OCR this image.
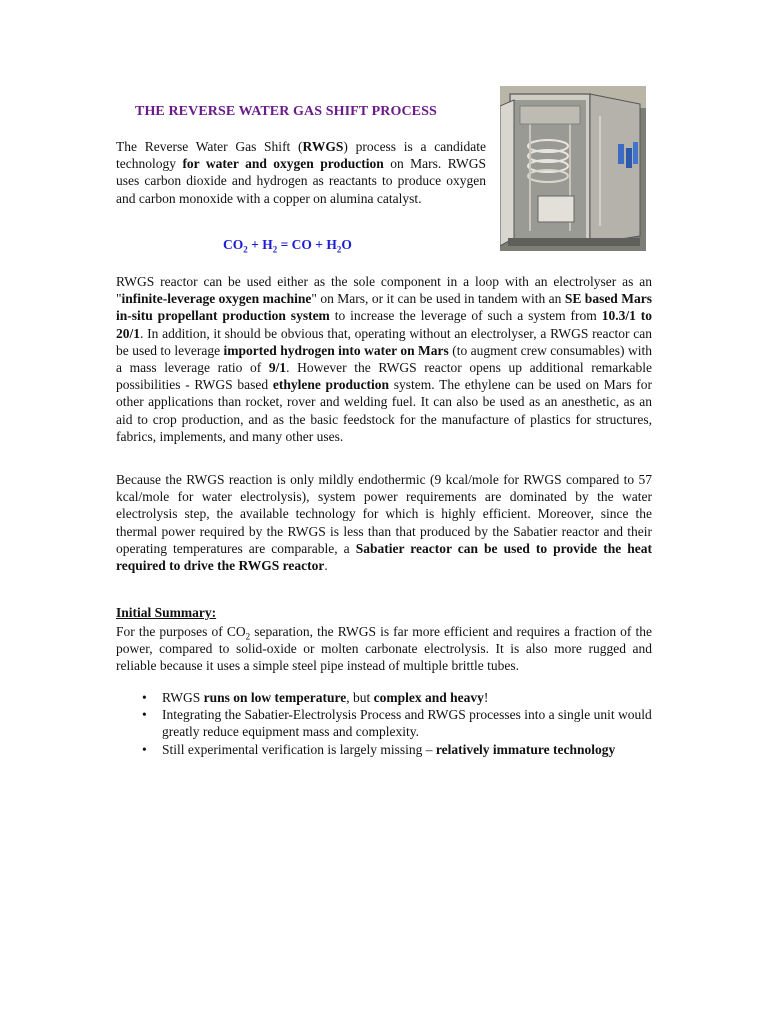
THE REVERSE WATER GAS SHIFT PROCESS

The Reverse Water Gas Shift (RWGS) process is a candidate technology for water and oxygen production on Mars. RWGS uses carbon dioxide and hydrogen as reactants to produce oxygen and carbon monoxide with a copper on alumina catalyst.

$CO_2 + H_2$ = CO + $H_2O$

RWGS reactor can be used either as the sole component in a loop with an electrolyser as an "infinite-leverage oxygen machine" on Mars, or it can be used in tandem with an SE based Mars in-situ propellant production system to increase the leverage of such a system from 10.3/1 to 20/1. In addition, it should be obvious that, operating without an electrolyser, a RWGS reactor can be used to leverage imported hydrogen into water on Mars (to augment crew consumables) with a mass leverage ratio of 9/1. However the RWGS reactor opens up additional remarkable possibilities - RWGS based ethylene production system. The ethylene can be used on Mars for other applications than rocket, rover and welding fuel. It can also be used as an anesthetic, as an aid to crop production, and as the basic feedstock for the manufacture of plastics for structures, fabrics, implements, and many other uses.

Because the RWGS reaction is only mildly endothermic (9 kcal/mole for RWGS compared to 57 kcal/mole for water electrolysis), system power requirements are dominated by the water electrolysis step, the available technology for which is highly efficient. Moreover, since the thermal power required by the RWGS is less than that produced by the Sabatier reactor and their operating temperatures are comparable, a Sabatier reactor can be used to provide the heat required to drive the RWGS reactor.

Initial Summary:

For the purposes of $CO_2$ separation, the RWGS is far more efficient and requires a fraction of the power, compared to solid-oxide or molten carbonate electrolysis. It is also more rugged and reliable because it uses a simple steel pipe instead of multiple brittle tubes.

• RWGS runs on low temperature, but complex and heavy!
• Integrating the Sabatier-Electrolysis Process and RWGS processes into a single unit would greatly reduce equipment mass and complexity.
• Still experimental verification is largely missing – relatively immature technology
